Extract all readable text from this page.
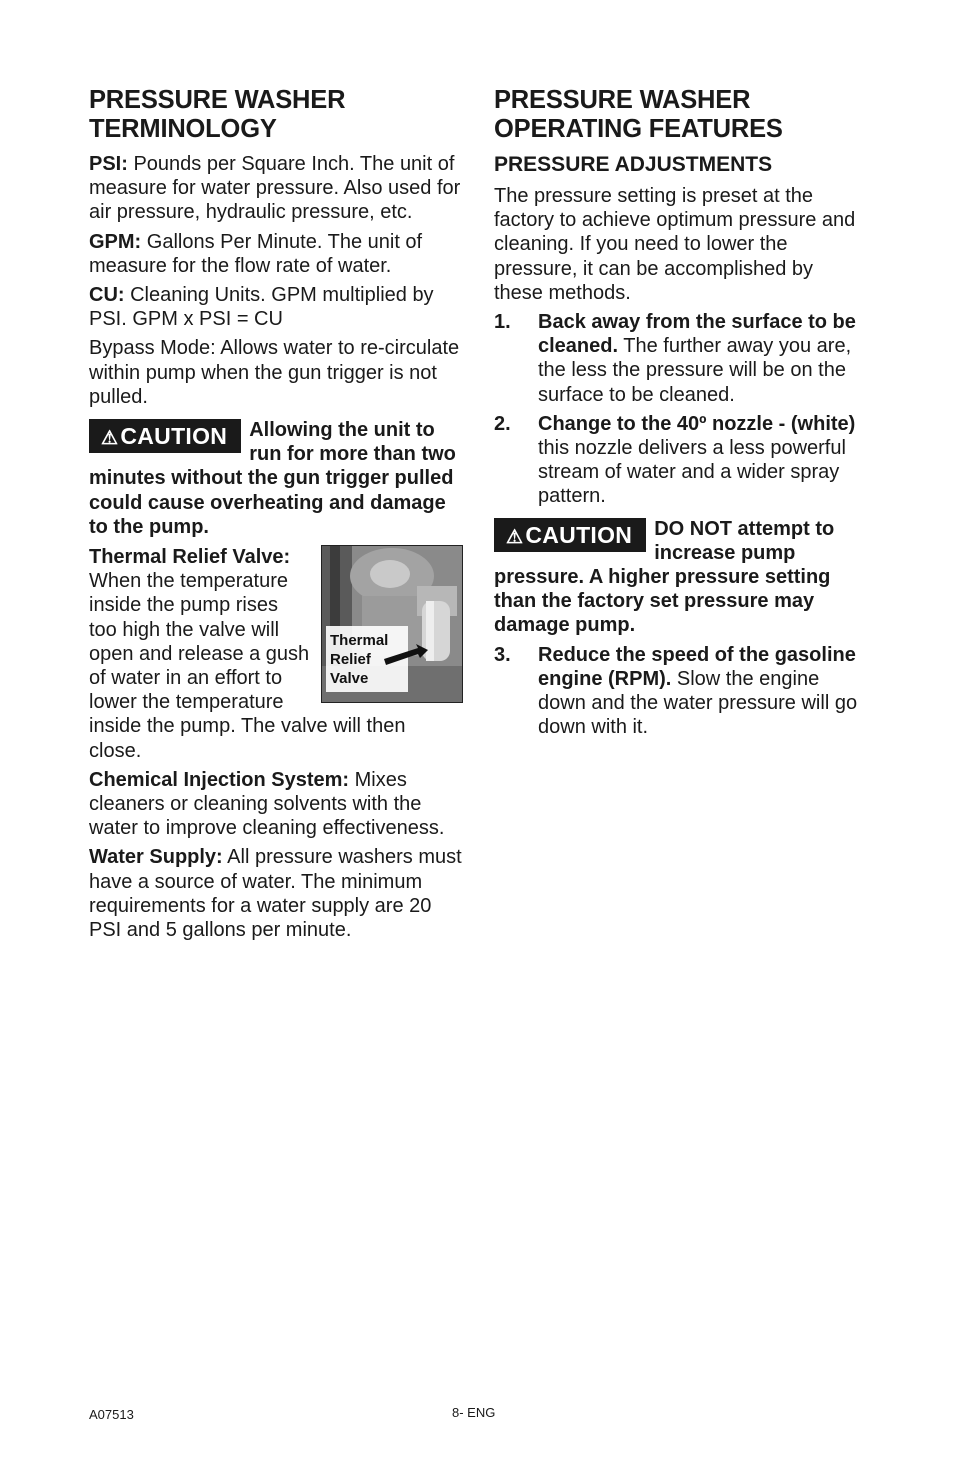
PRESSURE WASHER
TERMINOLOGY

PSI: Pounds per Square Inch. The unit of measure for water pressure. Also used for air pressure, hydraulic pressure, etc.

GPM: Gallons Per Minute. The unit of measure for the flow rate of water.

CU: Cleaning Units. GPM multiplied by PSI. GPM x PSI = CU

Bypass Mode: Allows water to re-circulate within pump when the gun trigger is not pulled.

⚠CAUTION	Allowing the unit to run for more than two minutes without the gun trigger pulled could cause overheating and damage to the pump.
Thermal
Relief
Valve

Thermal Relief Valve:
When the temperature inside the pump rises too high the valve will open and release a gush of water in an effort to lower the temperature inside the pump. The valve will then close.

Chemical Injection System: Mixes cleaners or cleaning solvents with the water to improve cleaning effectiveness.

Water Supply: All pressure washers must have a source of water. The minimum requirements for a water supply are 20 PSI and 5 gallons per minute.

PRESSURE WASHER
OPERATING FEATURES
PRESSURE ADJUSTMENTS

The pressure setting is preset at the factory to achieve optimum pressure and cleaning. If you need to lower the pressure, it can be accomplished by these methods.

1. Back away from the surface to be cleaned. The further away you are, the less the pressure will be on the surface to be cleaned.
2. Change to the 40º nozzle - (white) this nozzle delivers a less powerful stream of water and a wider spray pattern.
⚠CAUTION	DO NOT attempt to increase pump pressure. A higher pressure setting than the factory set pressure may damage pump.
3. Reduce the speed of the gasoline engine (RPM). Slow the engine down and the water pressure will go down with it.
A07513	8- ENG
